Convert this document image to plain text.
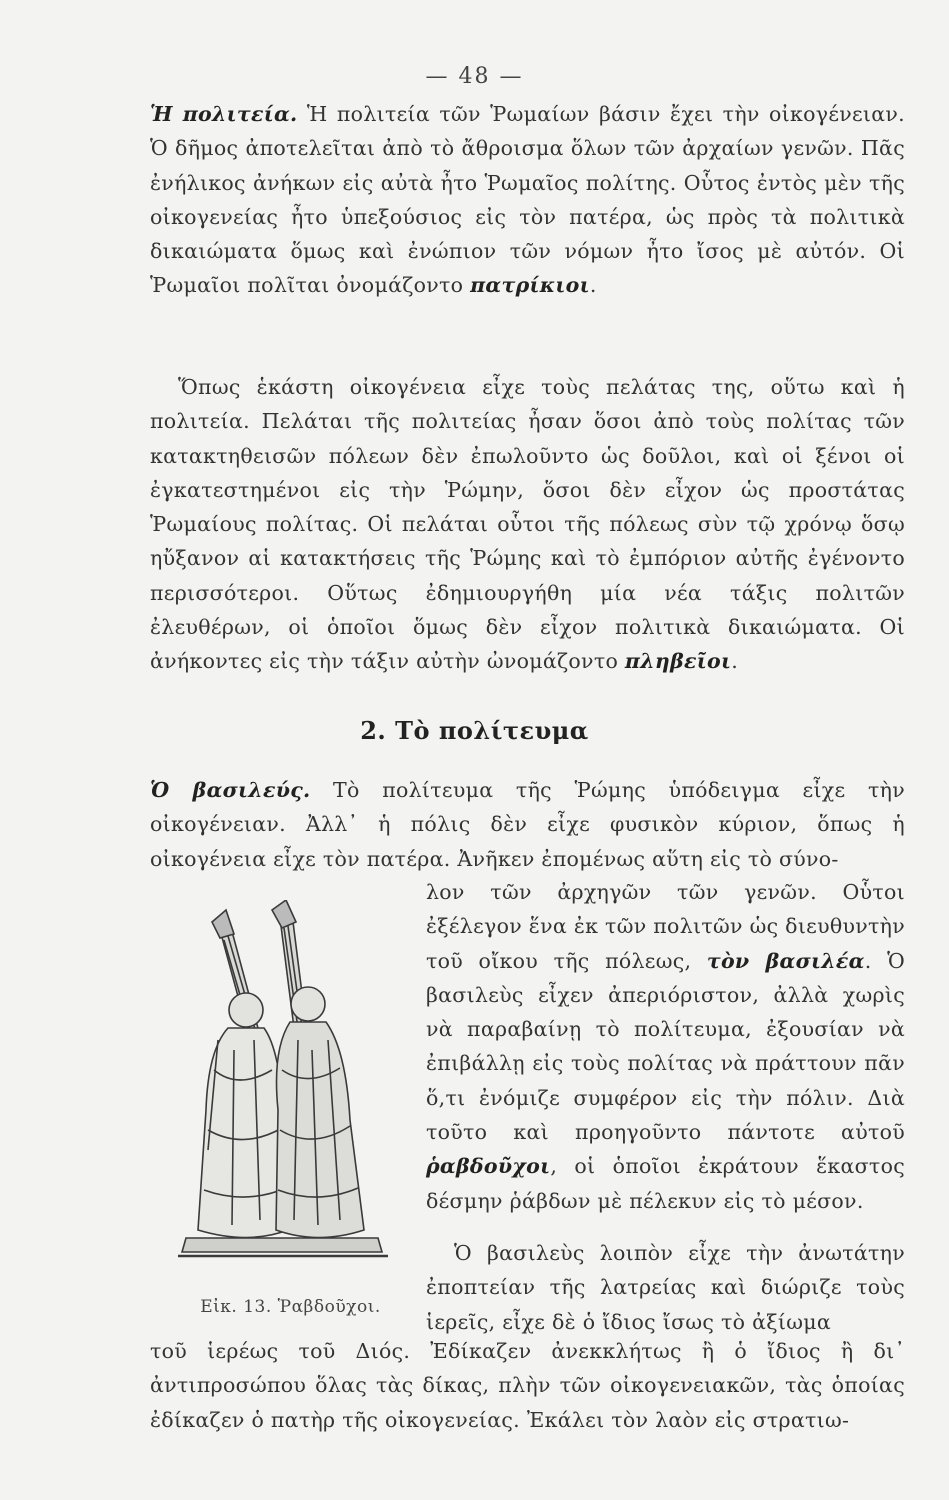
— 48 —
Ἡ πολιτεία. Ἡ πολιτεία τῶν Ῥωμαίων βάσιν ἔχει τὴν οἰκογένειαν. Ὁ δῆμος ἀποτελεῖται ἀπὸ τὸ ἄθροισμα ὅλων τῶν ἀρχαίων γενῶν. Πᾶς ἐνήλικος ἀνήκων εἰς αὐτὰ ἦτο Ῥωμαῖος πολίτης. Οὗτος ἐντὸς μὲν τῆς οἰκογενείας ἦτο ὑπεξούσιος εἰς τὸν πατέρα, ὡς πρὸς τὰ πολιτικὰ δικαιώματα ὅμως καὶ ἐνώπιον τῶν νόμων ἦτο ἴσος μὲ αὐτόν. Οἱ Ῥωμαῖοι πολῖται ὀνομάζοντο πατρίκιοι.
Ὅπως ἑκάστη οἰκογένεια εἶχε τοὺς πελάτας της, οὕτω καὶ ἡ πολιτεία. Πελάται τῆς πολιτείας ἦσαν ὅσοι ἀπὸ τοὺς πολίτας τῶν κατακτηθεισῶν πόλεων δὲν ἐπωλοῦντο ὡς δοῦλοι, καὶ οἱ ξένοι οἱ ἐγκατεστημένοι εἰς τὴν Ῥώμην, ὅσοι δὲν εἶχον ὡς προστάτας Ῥωμαίους πολίτας. Οἱ πελάται οὗτοι τῆς πόλεως σὺν τῷ χρόνῳ ὅσῳ ηὔξανον αἱ κατακτήσεις τῆς Ῥώμης καὶ τὸ ἐμπόριον αὐτῆς ἐγένοντο περισσότεροι. Οὕτως ἐδημιουργήθη μία νέα τάξις πολιτῶν ἐλευθέρων, οἱ ὁποῖοι ὅμως δὲν εἶχον πολιτικὰ δικαιώματα. Οἱ ἀνήκοντες εἰς τὴν τάξιν αὐτὴν ὠνομάζοντο πληβεῖοι.
2. Τὸ πολίτευμα
Ὁ βασιλεύς. Τὸ πολίτευμα τῆς Ῥώμης ὑπόδειγμα εἶχε τὴν οἰκογένειαν. Ἀλλ᾽ ἡ πόλις δὲν εἶχε φυσικὸν κύριον, ὅπως ἡ οἰκογένεια εἶχε τὸν πατέρα. Ἀνῆκεν ἐπομένως αὕτη εἰς τὸ σύνο-
λον τῶν ἀρχηγῶν τῶν γενῶν. Οὗτοι ἐξέλεγον ἕνα ἐκ τῶν πολιτῶν ὡς διευθυντὴν τοῦ οἴκου τῆς πόλεως, τὸν βασιλέα. Ὁ βασιλεὺς εἶχεν ἀπεριόριστον, ἀλλὰ χωρὶς νὰ παραβαίνῃ τὸ πολίτευμα, ἐξουσίαν νὰ ἐπιβάλλῃ εἰς τοὺς πολίτας νὰ πράττουν πᾶν ὅ,τι ἐνόμιζε συμφέρον εἰς τὴν πόλιν. Διὰ τοῦτο καὶ προηγοῦντο πάντοτε αὐτοῦ ῥαβδοῦχοι, οἱ ὁποῖοι ἐκράτουν ἕκαστος δέσμην ῥάβδων μὲ πέλεκυν εἰς τὸ μέσον.
Ὁ βασιλεὺς λοιπὸν εἶχε τὴν ἀνωτάτην ἐποπτείαν τῆς λατρείας καὶ διώριζε τοὺς ἱερεῖς, εἶχε δὲ ὁ ἴδιος ἴσως τὸ ἀξίωμα
τοῦ ἱερέως τοῦ Διός. Ἐδίκαζεν ἀνεκκλήτως ἢ ὁ ἴδιος ἢ δι᾽ ἀντιπροσώπου ὅλας τὰς δίκας, πλὴν τῶν οἰκογενειακῶν, τὰς ὁποίας ἐδίκαζεν ὁ πατὴρ τῆς οἰκογενείας. Ἐκάλει τὸν λαὸν εἰς στρατιω-
Εἰκ. 13. Ῥαβδοῦχοι.
